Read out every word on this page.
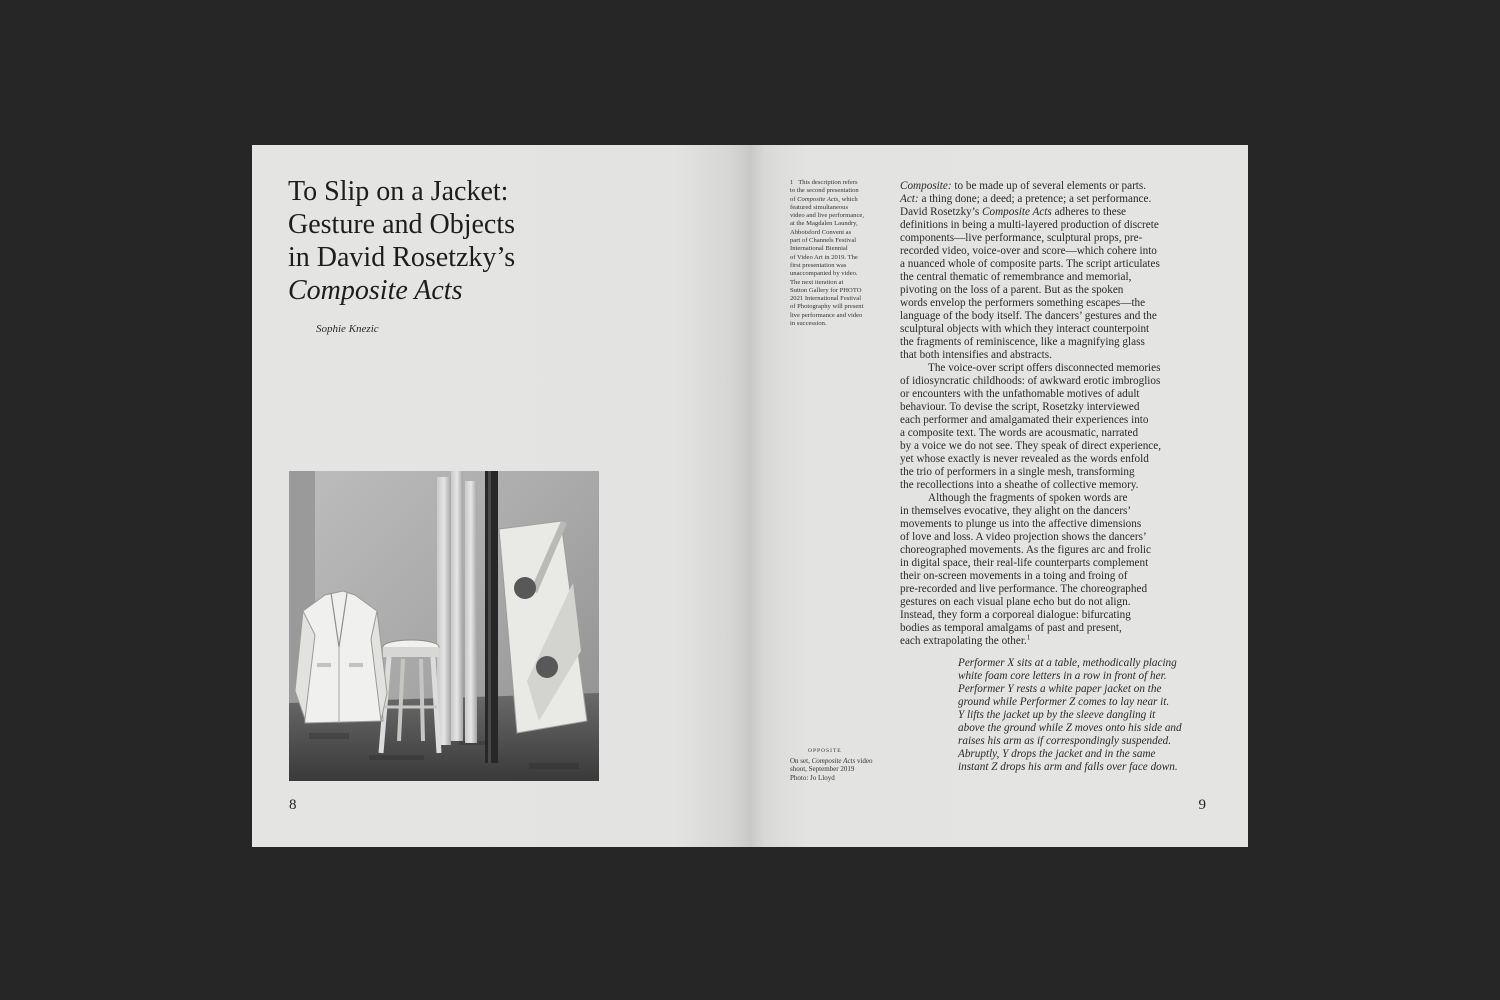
To Slip on a Jacket:
Gesture and Objects
in David Rosetzky’s
Composite Acts
Sophie Knezic
8
1 This description refers
to the second presentation
of Composite Acts, which
featured simultaneous
video and live performance,
at the Magdalen Laundry,
Abbotsford Convent as
part of Channels Festival
International Biennial
of Video Art in 2019. The
first presentation was
unaccompanied by video.
The next iteration at
Sutton Gallery for PHOTO
2021 International Festival
of Photography will present
live performance and video
in succession.
Composite: to be made up of several elements or parts.
Act: a thing done; a deed; a pretence; a set performance.
David Rosetzky’s Composite Acts adheres to these
definitions in being a multi-layered production of discrete
components—live performance, sculptural props, pre-
recorded video, voice-over and score—which cohere into
a nuanced whole of composite parts. The script articulates
the central thematic of remembrance and memorial,
pivoting on the loss of a parent. But as the spoken
words envelop the performers something escapes—the
language of the body itself. The dancers’ gestures and the
sculptural objects with which they interact counterpoint
the fragments of reminiscence, like a magnifying glass
that both intensifies and abstracts.
The voice-over script offers disconnected memories
of idiosyncratic childhoods: of awkward erotic imbroglios
or encounters with the unfathomable motives of adult
behaviour. To devise the script, Rosetzky interviewed
each performer and amalgamated their experiences into
a composite text. The words are acousmatic, narrated
by a voice we do not see. They speak of direct experience,
yet whose exactly is never revealed as the words enfold
the trio of performers in a single mesh, transforming
the recollections into a sheathe of collective memory.
Although the fragments of spoken words are
in themselves evocative, they alight on the dancers’
movements to plunge us into the affective dimensions
of love and loss. A video projection shows the dancers’
choreographed movements. As the figures arc and frolic
in digital space, their real-life counterparts complement
their on-screen movements in a toing and froing of
pre-recorded and live performance. The choreographed
gestures on each visual plane echo but do not align.
Instead, they form a corporeal dialogue: bifurcating
bodies as temporal amalgams of past and present,
each extrapolating the other.$^1$
Performer X sits at a table, methodically placing
white foam core letters in a row in front of her.
Performer Y rests a white paper jacket on the
ground while Performer Z comes to lay near it.
Y lifts the jacket up by the sleeve dangling it
above the ground while Z moves onto his side and
raises his arm as if correspondingly suspended.
Abruptly, Y drops the jacket and in the same
instant Z drops his arm and falls over face down.
OPPOSITE
On set, Composite Acts video
shoot, September 2019
Photo: Jo Lloyd
9
